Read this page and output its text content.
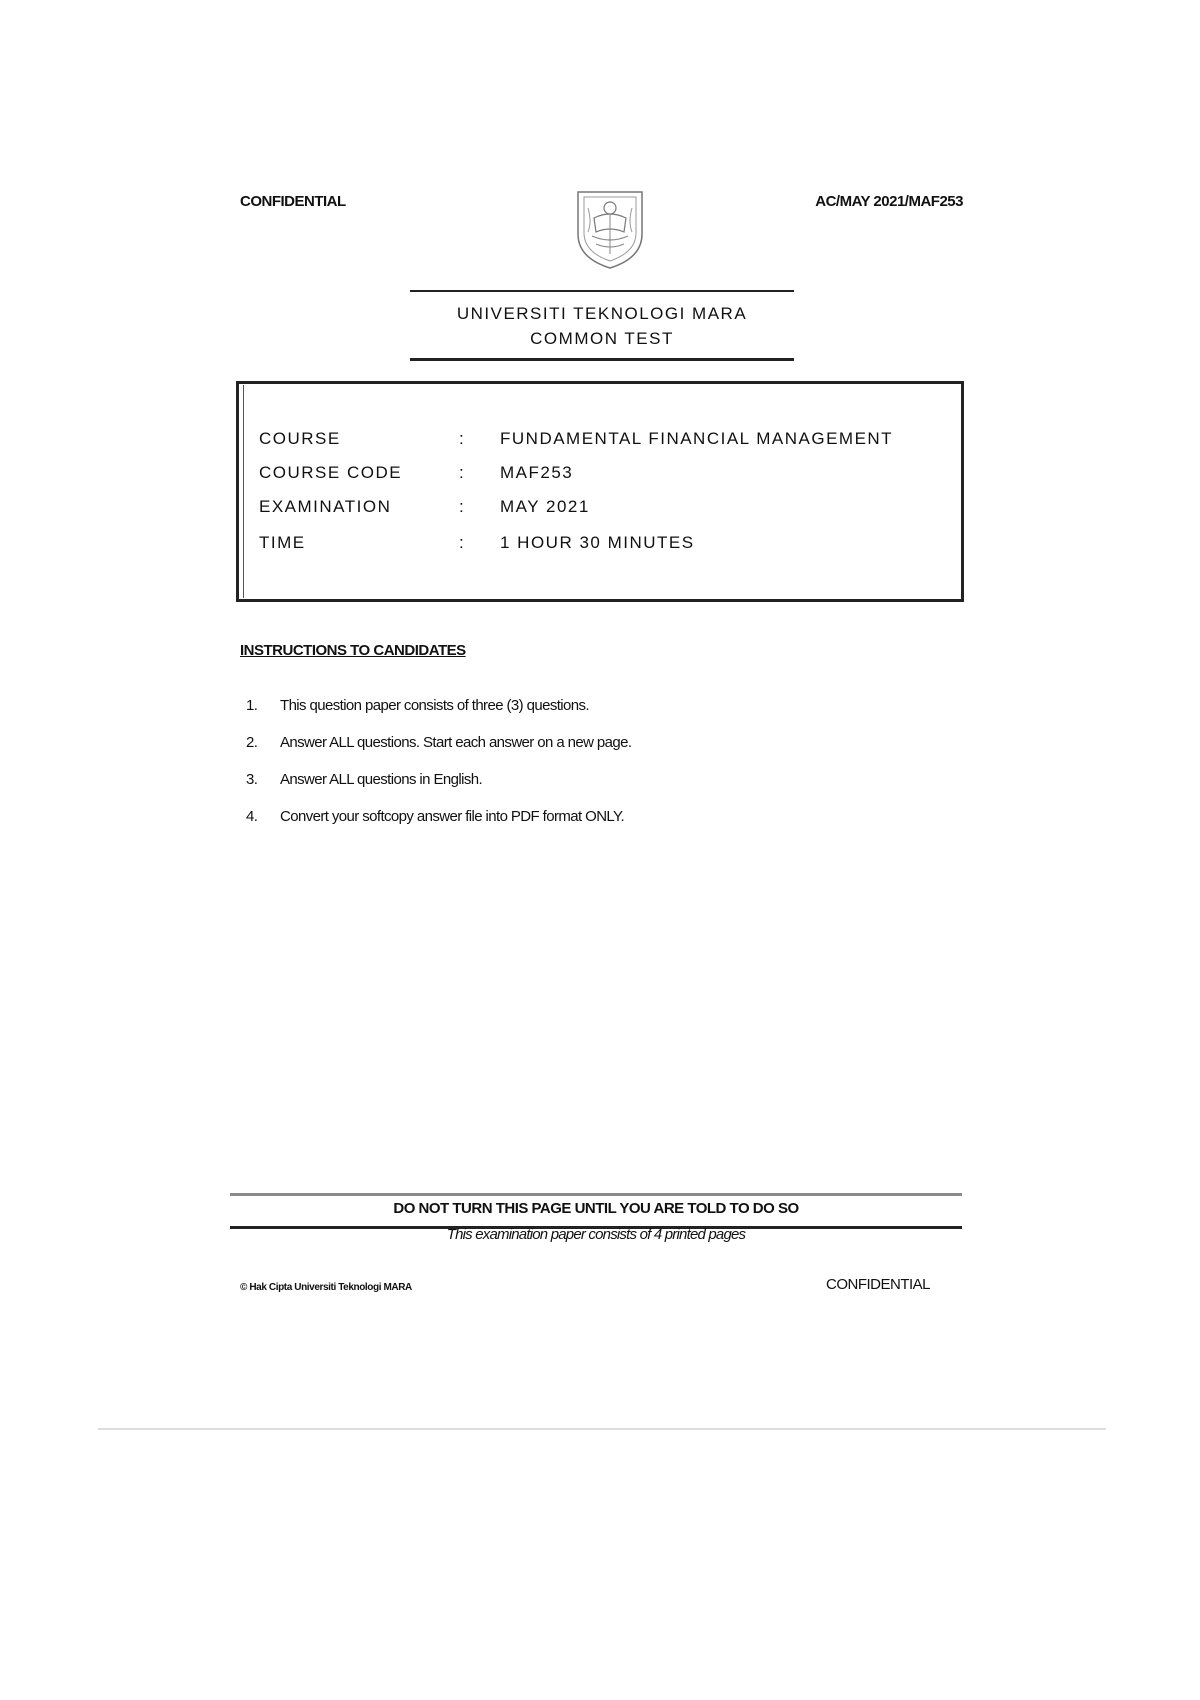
CONFIDENTIAL	AC/MAY 2021/MAF253
UNIVERSITI TEKNOLOGI MARA
COMMON TEST
COURSE	: FUNDAMENTAL FINANCIAL MANAGEMENT
COURSE CODE	: MAF253
EXAMINATION	: MAY 2021
TIME	: 1 HOUR 30 MINUTES
INSTRUCTIONS TO CANDIDATES
1. This question paper consists of three (3) questions.
2. Answer ALL questions. Start each answer on a new page.
3. Answer ALL questions in English.
4. Convert your softcopy answer file into PDF format ONLY.
DO NOT TURN THIS PAGE UNTIL YOU ARE TOLD TO DO SO
This examination paper consists of 4 printed pages
© Hak Cipta Universiti Teknologi MARA	CONFIDENTIAL
